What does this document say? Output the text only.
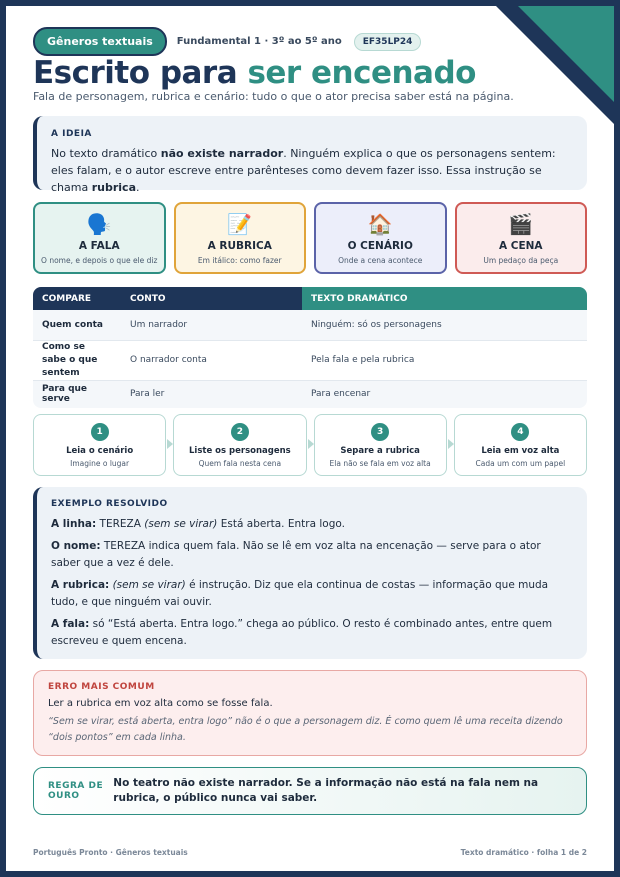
Gêneros textuais	Fundamental 1 · 3º ao 5º ano	EF35LP24
Escrito para ser encenado
Fala de personagem, rubrica e cenário: tudo o que o ator precisa saber está na página.
A IDEIA

No texto dramático não existe narrador. Ninguém explica o que os personagens sentem: eles falam, e o autor escreve entre parênteses como devem fazer isso. Essa instrução se chama rubrica.

🗣️
A FALA
O nome, e depois o que ele diz
📝
A RUBRICA
Em itálico: como fazer
🏠
O CENÁRIO
Onde a cena acontece
🎬
A CENA
Um pedaço da peça
COMPARE	CONTO	TEXTO DRAMÁTICO
Quem conta	Um narrador	Ninguém: só os personagens
Como se sabe o que sentem	O narrador conta	Pela fala e pela rubrica
Para que serve	Para ler	Para encenar
1
Leia o cenário
Imagine o lugar
2
Liste os personagens
Quem fala nesta cena
3
Separe a rubrica
Ela não se fala em voz alta
4
Leia em voz alta
Cada um com um papel
EXEMPLO RESOLVIDO

A linha: TEREZA (sem se virar) Está aberta. Entra logo.

O nome: TEREZA indica quem fala. Não se lê em voz alta na encenação — serve para o ator saber que a vez é dele.

A rubrica: (sem se virar) é instrução. Diz que ela continua de costas — informação que muda tudo, e que ninguém vai ouvir.

A fala: só “Está aberta. Entra logo.” chega ao público. O resto é combinado antes, entre quem escreveu e quem encena.

ERRO MAIS COMUM
Ler a rubrica em voz alta como se fosse fala.
“Sem se virar, está aberta, entra logo” não é o que a personagem diz. É como quem lê uma receita dizendo “dois pontos” em cada linha.
REGRA DE OURO
No teatro não existe narrador. Se a informação não está na fala nem na rubrica, o público nunca vai saber.
Português Pronto · Gêneros textuais	Texto dramático · folha 1 de 2
